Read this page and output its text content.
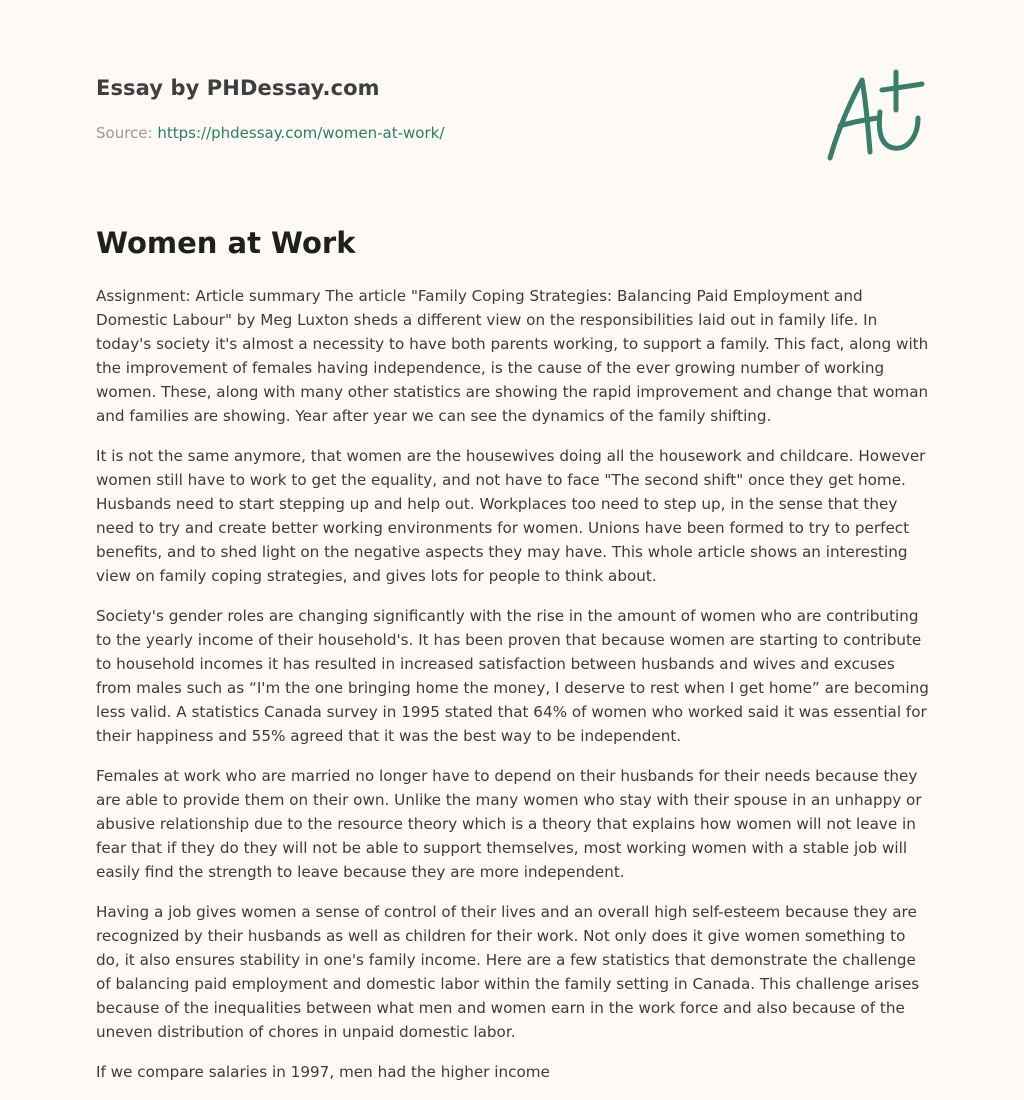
Essay by PHDessay.com

Source: https://phdessay.com/women-at-work/

Women at Work

Assignment: Article summary The article "Family Coping Strategies: Balancing Paid Employment and Domestic Labour" by Meg Luxton sheds a different view on the responsibilities laid out in family life. In today's society it's almost a necessity to have both parents working, to support a family. This fact, along with the improvement of females having independence, is the cause of the ever growing number of working women. These, along with many other statistics are showing the rapid improvement and change that woman and families are showing. Year after year we can see the dynamics of the family shifting.

It is not the same anymore, that women are the housewives doing all the housework and childcare. However women still have to work to get the equality, and not have to face "The second shift" once they get home. Husbands need to start stepping up and help out. Workplaces too need to step up, in the sense that they need to try and create better working environments for women. Unions have been formed to try to perfect benefits, and to shed light on the negative aspects they may have. This whole article shows an interesting view on family coping strategies, and gives lots for people to think about.

Society's gender roles are changing significantly with the rise in the amount of women who are contributing to the yearly income of their household's. It has been proven that because women are starting to contribute to household incomes it has resulted in increased satisfaction between husbands and wives and excuses from males such as “I'm the one bringing home the money, I deserve to rest when I get home” are becoming less valid. A statistics Canada survey in 1995 stated that 64% of women who worked said it was essential for their happiness and 55% agreed that it was the best way to be independent.

Females at work who are married no longer have to depend on their husbands for their needs because they are able to provide them on their own. Unlike the many women who stay with their spouse in an unhappy or abusive relationship due to the resource theory which is a theory that explains how women will not leave in fear that if they do they will not be able to support themselves, most working women with a stable job will easily find the strength to leave because they are more independent.

Having a job gives women a sense of control of their lives and an overall high self-esteem because they are recognized by their husbands as well as children for their work. Not only does it give women something to do, it also ensures stability in one's family income. Here are a few statistics that demonstrate the challenge of balancing paid employment and domestic labor within the family setting in Canada. This challenge arises because of the inequalities between what men and women earn in the work force and also because of the uneven distribution of chores in unpaid domestic labor.

If we compare salaries in 1997, men had the higher income
